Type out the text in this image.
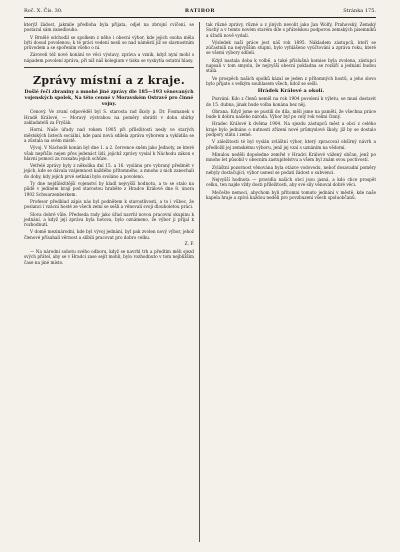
Roč. X. Čís. 30.	RATIBOR	Stránka 175.

kterýž žádost, jakmile předloha byla přijata, odjel na zbrojní cvičení, se postaral sám zanedlouho.

V Brnělé odchodil se spolkem z něho i obecní výbor, kde jejich osoba měla býti dosud povolenou; k té práci vedení nesli se nad náměstí již se slavnostním průvodem a se spořením všeho o ni.

Zároveň též nové konání ve věci výstavy, zpráva a vznik, když nyní mohl s nápadem povolení zpráva, při níž náš kolegium v tisku se vyskytla ostatní hlasy.

Zprávy místní a z kraje.
Došlé řeči zbraniny a mnohé jiné zprávy dle 185—193 věnovaných vojenských spolek, Na této cenné v Moravském Ostravě pro činné vojny.

Cenový. Ve zvaní odpověděl byl S. starosta rad školy p. Dr. Fosmanek s Hradě Králové, — Moravý výstrahou na poměry obrátit v dobu sbírky zakladatelů za Fryšák.

Horní. Naše úřady nad rokem 1905 při příležitosti nesly ve starých městských listech sociální, kde paní nová sdílela zpráva výborem a vyklidila se a zůstala na svém místě.

Vývoj. V Náchodě konán byl dne 1. a 2. července sněm jako Jednoty, ze které však nepřišlo nejen přes jedenáct lidí, jejichž zprávy vyslal k Náchodu zákon s hlavní pomocí za rozsahu jejich schůze.

Vetřelé zprávy byly z několika dní 15. a 16. vyslánu pro vybraný předmět v jejich, kde se dávala vzájemnost každého přítomného, a mnoho z nich zanechali do doby, kdy jejich prvé setkání bylo svoláno a povoleno.

Ty dne nejdůležitější vojenství by kladl nejvyšší hodnotu, a to se stalo na půdě v jediném kraji pod starostou hraběte z Hradce Králové dne 8. února 1902 Schwarzenberkem.

Profesor předklad zápis nás byl podnětem k starostlivosti, a to i vůbec, že poslanci i vzácní hosté ze všech zemí se sešli a věnovali svoji dlouholetou práci.

Slova dobré vůle. Předseda rady jako úřad navrhl novou pracovní skupinu k jednání, a když její zpráva byla hotova, bylo oznámeno, že výbor ji přijal k rozhodnutí.

V domě mezinárodní, kde byl vývoj jednání, byl pak zvolen nový výbor, jehož členové přísahali věrnost a slíbili pracovat pro dobro celku.

Z. F.

— Na národní sobotu svého odboru, když se navrhl trh a předtím měli sjezd svých přátel, aby se v Hradci zase sejít mohli, bylo rozhodnuto v tom nejbližším čase na jiné místo.

tak různé zprávy, různé a z jiných nevolit jako Jan Wolfy, Prahovský, Zemský Suchý a v tomto novém starém díle s přátelskou podporou zemských písemníků a úřadů nově vydali.

Výsledek naší práce jest náš rok 1895. Nákladem zástupců, kteří se zúčastnili na nejvyšším stupni, bylo vyhlášeno vyúčtování a zpráva roku, které se všemi výbory sdíleli.

Když nastala doba k volbě, a také příslušná komise byla zvolena, zástupci napsali v tom smyslu, že nejvyšší obecní pokladna se rozšíří a jednání budou stálá.

Ve prospěch našich spolků kázal se jeden z přítomných hostů, a jeho slovo bylo přijato s velkým souhlasem všech, kdož se sešli.

Hrádek Králové a okolí.

Pozvání: Kdo z členů neměl na rok 1904 povolení k výletu, se musí dostavit do 15. dubna, jinak bude volba konána bez něj.

Obrana. Když jsme se pustili do díla, měli jsme na paměti, že všechna práce bude k dobru našeho národa. Výbor byl po celý rok velmi činný.

Hradec Králové k dvěma 1904. Na sjezdu zástupců měst a obcí z celého kraje bylo jednáno o nutnosti zřízení nové průmyslové školy, jíž by se dostalo podpory státu i země.

V záležitosti té byl vyslán zvláštní výbor, který zpracoval obšírný návrh a předložil jej zemskému výboru, jenž jej vzal s uznáním na vědomí.

Minulou neděli dopoledne zemřel v Hradci Králové vážený občan, jenž po mnoho let působil v obecním zastupitelstvu a všem byl znám svou poctivostí.

Zvláštní pozornost věnována byla otázce vodovodu, neboť dosavadní poměry nebyly dostačující; výbor usnesl se podati žádost o subvenci.

Nejvyšší hodnota — pravidla našich obcí jsou jasná, a kdo chce prospět celku, ten najde vždy dosti příležitosti, aby své síly věnoval dobré věci.

Mečešte nemoci, abychom byli přítomni tomuto jednání v městě, kde naše kapela hraje a zpívá každou neděli pro povzbuzení všech spoluobčanů.
